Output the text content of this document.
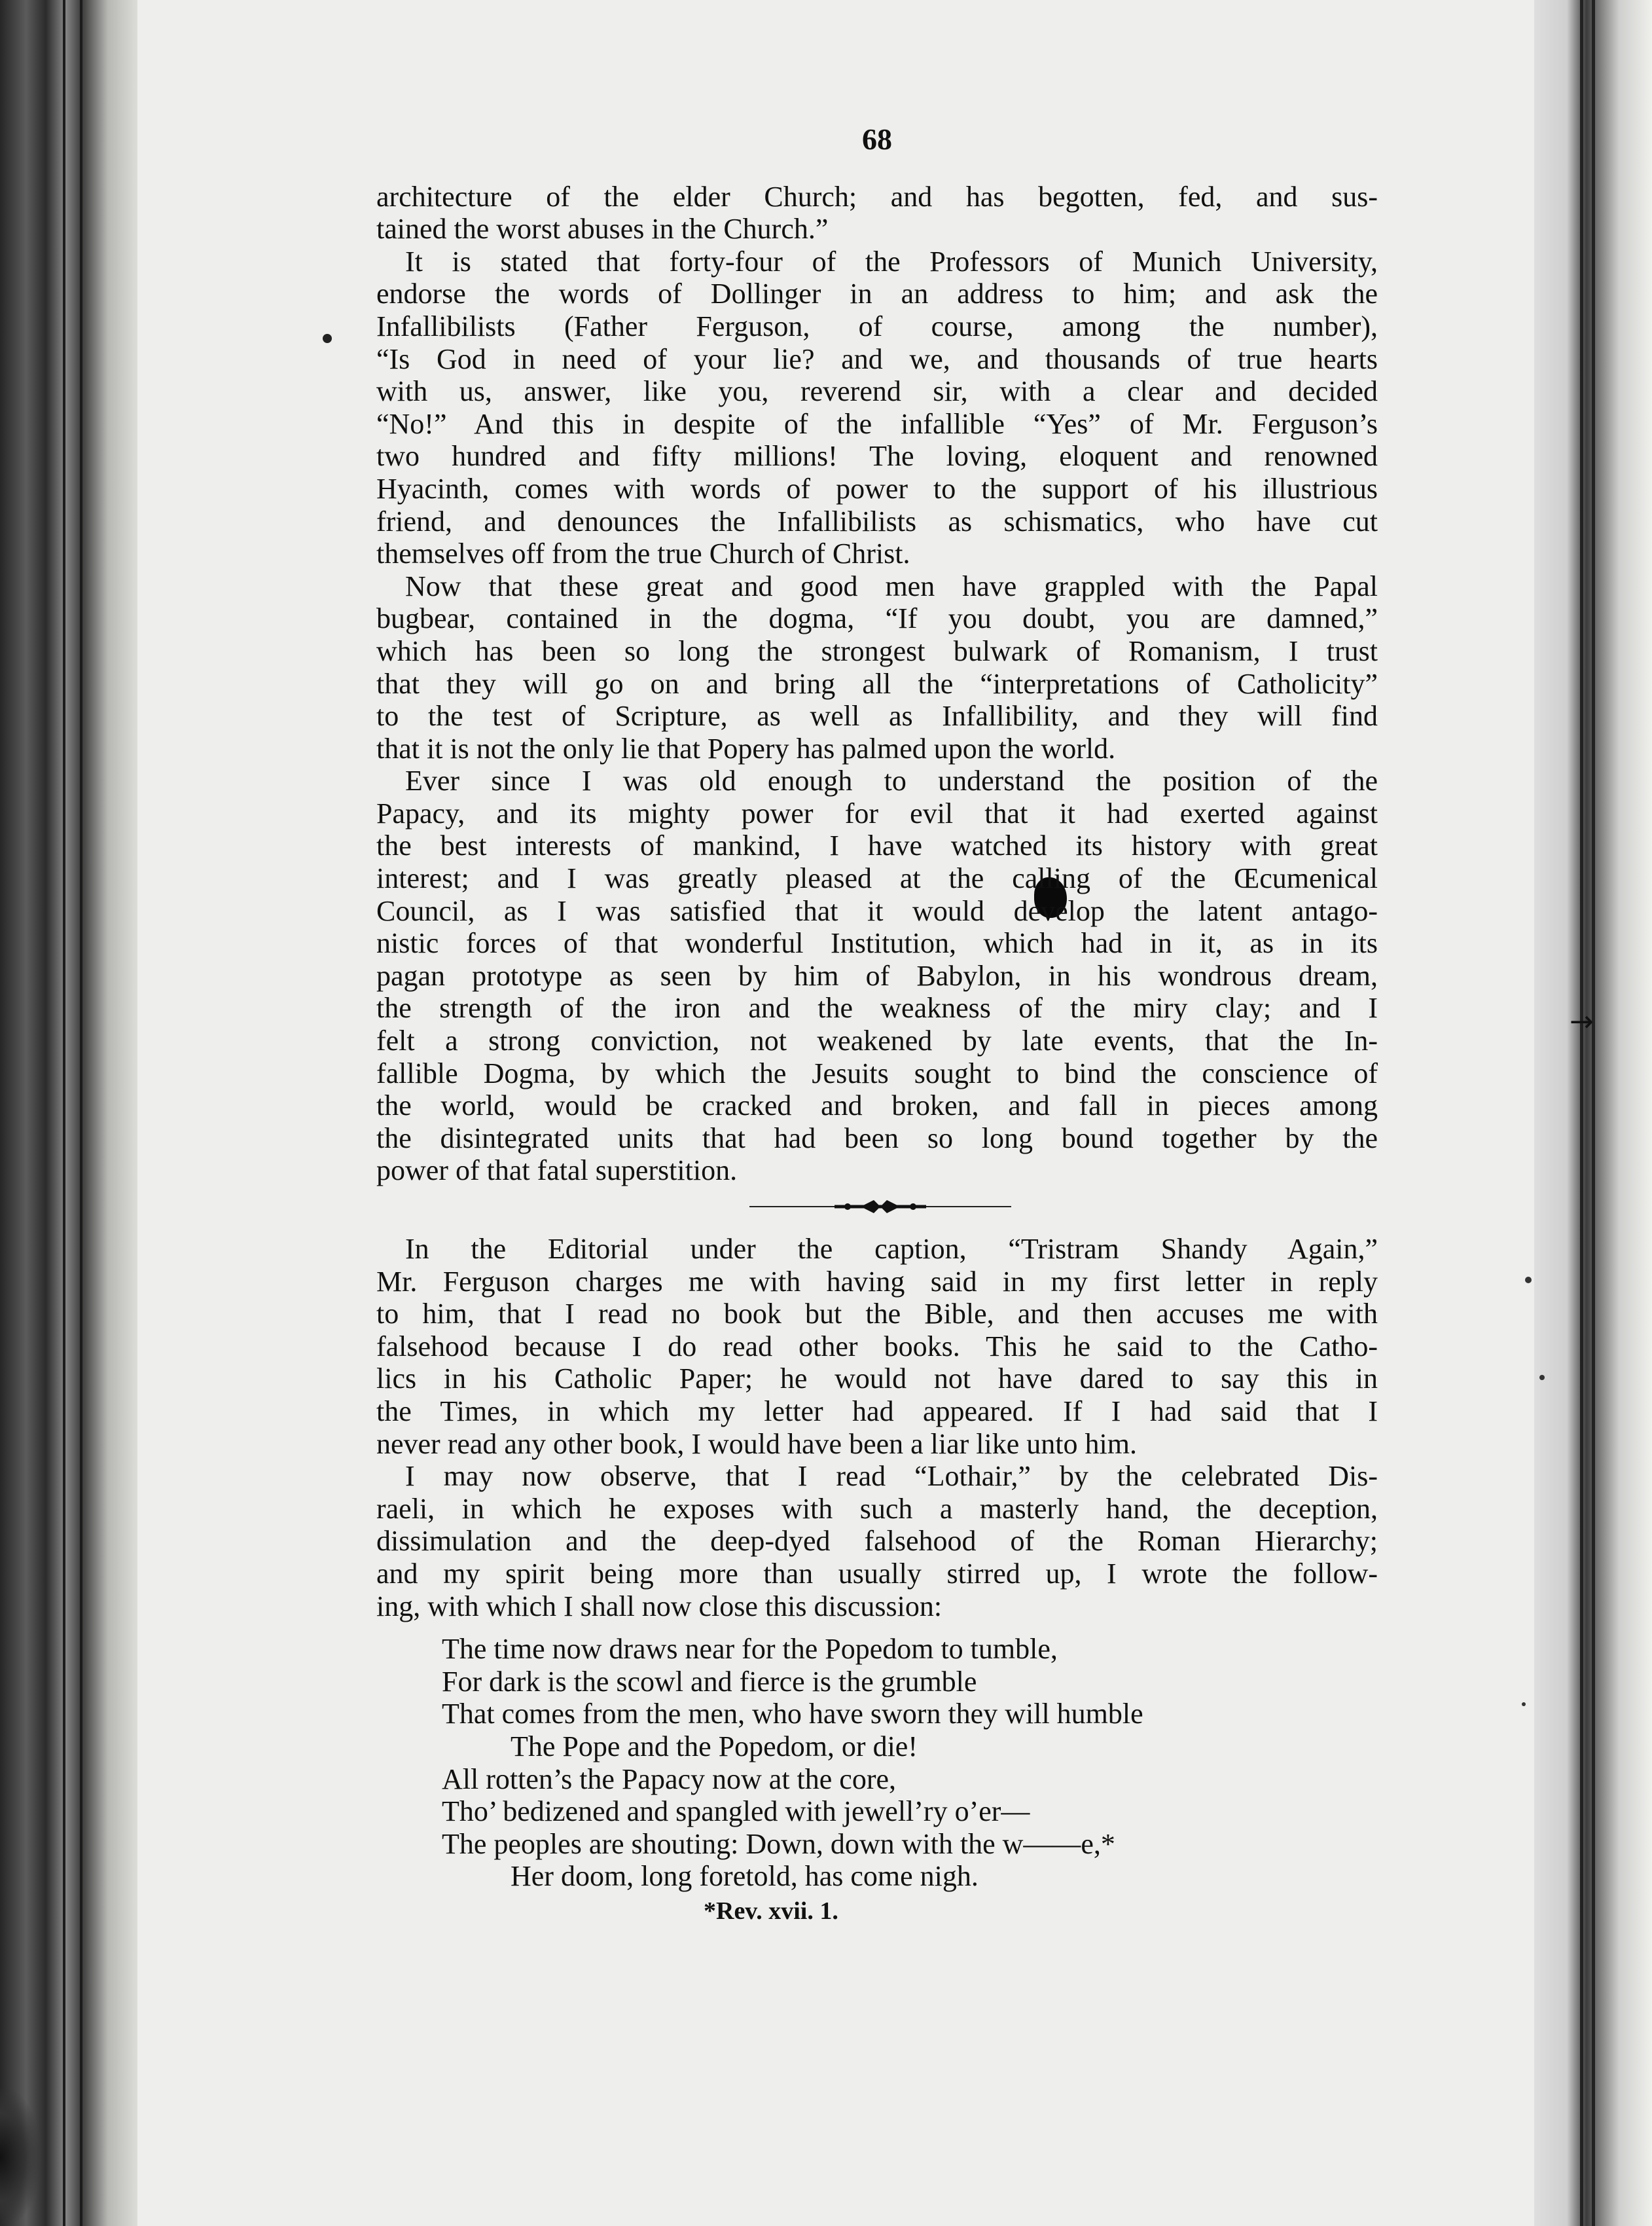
→
68
architecture of the elder Church; and has begotten, fed, and sus-
tained the worst abuses in the Church.”
It is stated that forty-four of the Professors of Munich University,
endorse the words of Dollinger in an address to him; and ask the
Infallibilists (Father Ferguson, of course, among the number),
“Is God in need of your lie? and we, and thousands of true hearts
with us, answer, like you, reverend sir, with a clear and decided
“No!” And this in despite of the infallible “Yes” of Mr. Ferguson’s
two hundred and fifty millions! The loving, eloquent and renowned
Hyacinth, comes with words of power to the support of his illustrious
friend, and denounces the Infallibilists as schismatics, who have cut
themselves off from the true Church of Christ.
Now that these great and good men have grappled with the Papal
bugbear, contained in the dogma, “If you doubt, you are damned,”
which has been so long the strongest bulwark of Romanism, I trust
that they will go on and bring all the “interpretations of Catholicity”
to the test of Scripture, as well as Infallibility, and they will find
that it is not the only lie that Popery has palmed upon the world.
Ever since I was old enough to understand the position of the
Papacy, and its mighty power for evil that it had exerted against
the best interests of mankind, I have watched its history with great
interest; and I was greatly pleased at the calling of the Œcumenical
Council, as I was satisfied that it would develop the latent antago-
nistic forces of that wonderful Institution, which had in it, as in its
pagan prototype as seen by him of Babylon, in his wondrous dream,
the strength of the iron and the weakness of the miry clay; and I
felt a strong conviction, not weakened by late events, that the In-
fallible Dogma, by which the Jesuits sought to bind the conscience of
the world, would be cracked and broken, and fall in pieces among
the disintegrated units that had been so long bound together by the
power of that fatal superstition.
In the Editorial under the caption, “Tristram Shandy Again,”
Mr. Ferguson charges me with having said in my first letter in reply
to him, that I read no book but the Bible, and then accuses me with
falsehood because I do read other books. This he said to the Catho-
lics in his Catholic Paper; he would not have dared to say this in
the Times, in which my letter had appeared. If I had said that I
never read any other book, I would have been a liar like unto him.
I may now observe, that I read “Lothair,” by the celebrated Dis-
raeli, in which he exposes with such a masterly hand, the deception,
dissimulation and the deep-dyed falsehood of the Roman Hierarchy;
and my spirit being more than usually stirred up, I wrote the follow-
ing, with which I shall now close this discussion:
The time now draws near for the Popedom to tumble,
For dark is the scowl and fierce is the grumble
That comes from the men, who have sworn they will humble
The Pope and the Popedom, or die!
All rotten’s the Papacy now at the core,
Tho’ bedizened and spangled with jewell’ry o’er—
The peoples are shouting: Down, down with the w——e,*
Her doom, long foretold, has come nigh.
*Rev. xvii. 1.
